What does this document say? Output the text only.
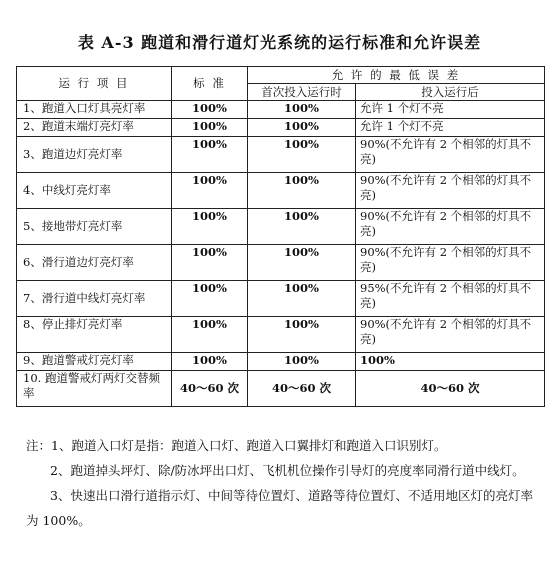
表 A-3 跑道和滑行道灯光系统的运行标准和允许误差
运 行 项 目	标 准	允 许 的 最 低 误 差	
		首次投入运行时	投入运行后
1、跑道入口灯具亮灯率	100%	100%	允许 1 个灯不亮
2、跑道末端灯亮灯率	100%	100%	允许 1 个灯不亮
3、跑道边灯亮灯率	100%	100%	90%(不允许有 2 个相邻的灯具不亮)
4、中线灯亮灯率	100%	100%	90%(不允许有 2 个相邻的灯具不亮)
5、接地带灯亮灯率	100%	100%	90%(不允许有 2 个相邻的灯具不亮)
6、滑行道边灯亮灯率	100%	100%	90%(不允许有 2 个相邻的灯具不亮)
7、滑行道中线灯亮灯率	100%	100%	95%(不允许有 2 个相邻的灯具不亮)
8、停止排灯亮灯率	100%	100%	90%(不允许有 2 个相邻的灯具不亮)
9、跑道警戒灯亮灯率	100%	100%	100%
10. 跑道警戒灯两灯交替频率	40～60 次	40～60 次	40～60 次

注：1、跑道入口灯是指：跑道入口灯、跑道入口翼排灯和跑道入口识别灯。

2、跑道掉头坪灯、除/防冰坪出口灯、飞机机位操作引导灯的亮度率同滑行道中线灯。

3、快速出口滑行道指示灯、中间等待位置灯、道路等待位置灯、不适用地区灯的亮灯率为 100%。
